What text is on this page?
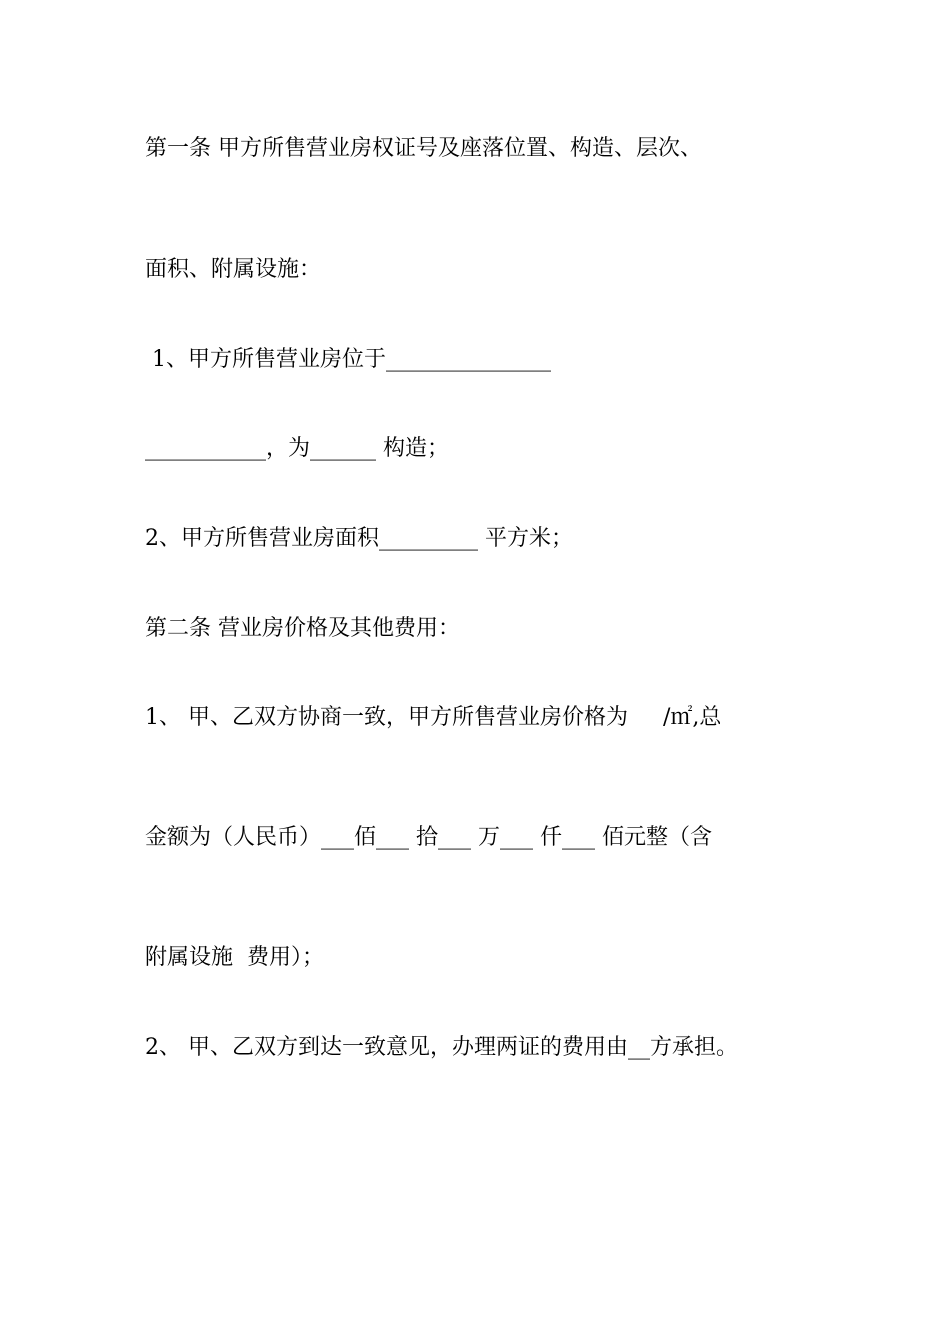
第一条 甲方所售营业房权证号及座落位置、构造、层次、
面积、附属设施：
1、甲方所售营业房位于_______________
___________，为______ 构造；
2、甲方所售营业房面积_________ 平方米；
第二条 营业房价格及其他费用：
1、 甲、乙双方协商一致，甲方所售营业房价格为     /㎡,总
金额为（人民币）___佰___ 拾___ 万___ 仟___ 佰元整（含
附属设施  费用）；
2、 甲、乙双方到达一致意见，办理两证的费用由__方承担。
